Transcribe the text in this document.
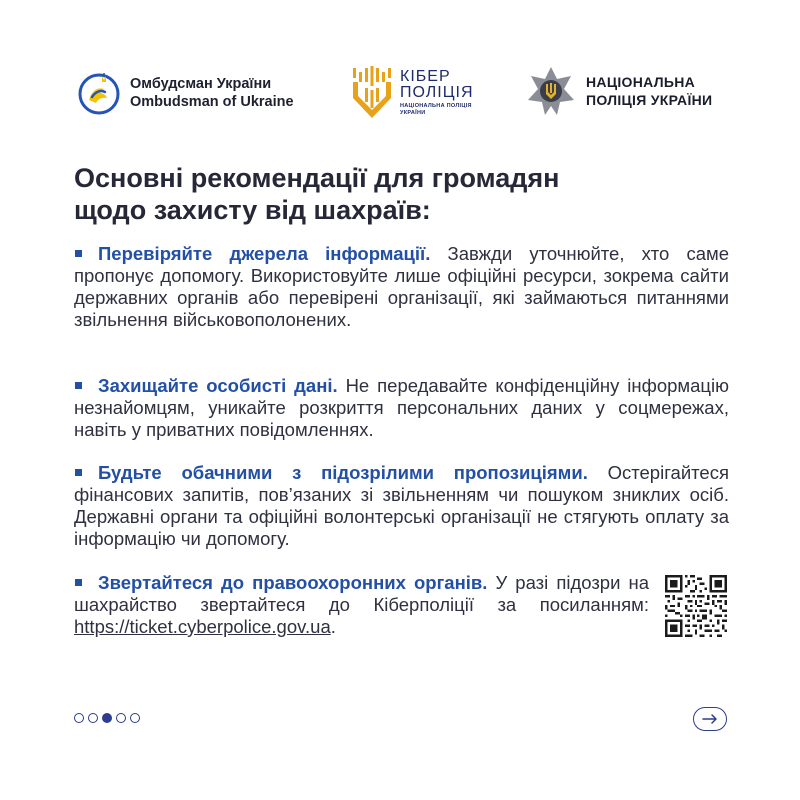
Омбудсман України
Ombudsman of Ukraine
КІБЕР
ПОЛІЦІЯ
НАЦІОНАЛЬНА ПОЛІЦІЯ
УКРАЇНИ
НАЦІОНАЛЬНА
ПОЛІЦІЯ УКРАЇНИ
Основні рекомендації для громадян
щодо захисту від шахраїв:
Перевіряйте джерела інформації. Завжди уточнюйте, хто саме пропонує допомогу. Використовуйте лише офіційні ресурси, зокрема сайти державних органів або перевірені організації, які займаються питаннями звільнення військовополонених.
Захищайте особисті дані. Не передавайте конфіденційну інформацію незнайомцям, уникайте розкриття персональних даних у соцмережах, навіть у приватних повідомленнях.
Будьте обачними з підозрілими пропозиціями. Остерігайтеся фінансових запитів, пов’язаних зі звільненням чи пошуком зниклих осіб. Державні органи та офіційні волонтерські організації не стягують оплату за інформацію чи допомогу.
Звертайтеся до правоохоронних органів. У разі підозри на шахрайство звертайтеся до Кіберполіції за посиланням: https://ticket.cyberpolice.gov.ua.
